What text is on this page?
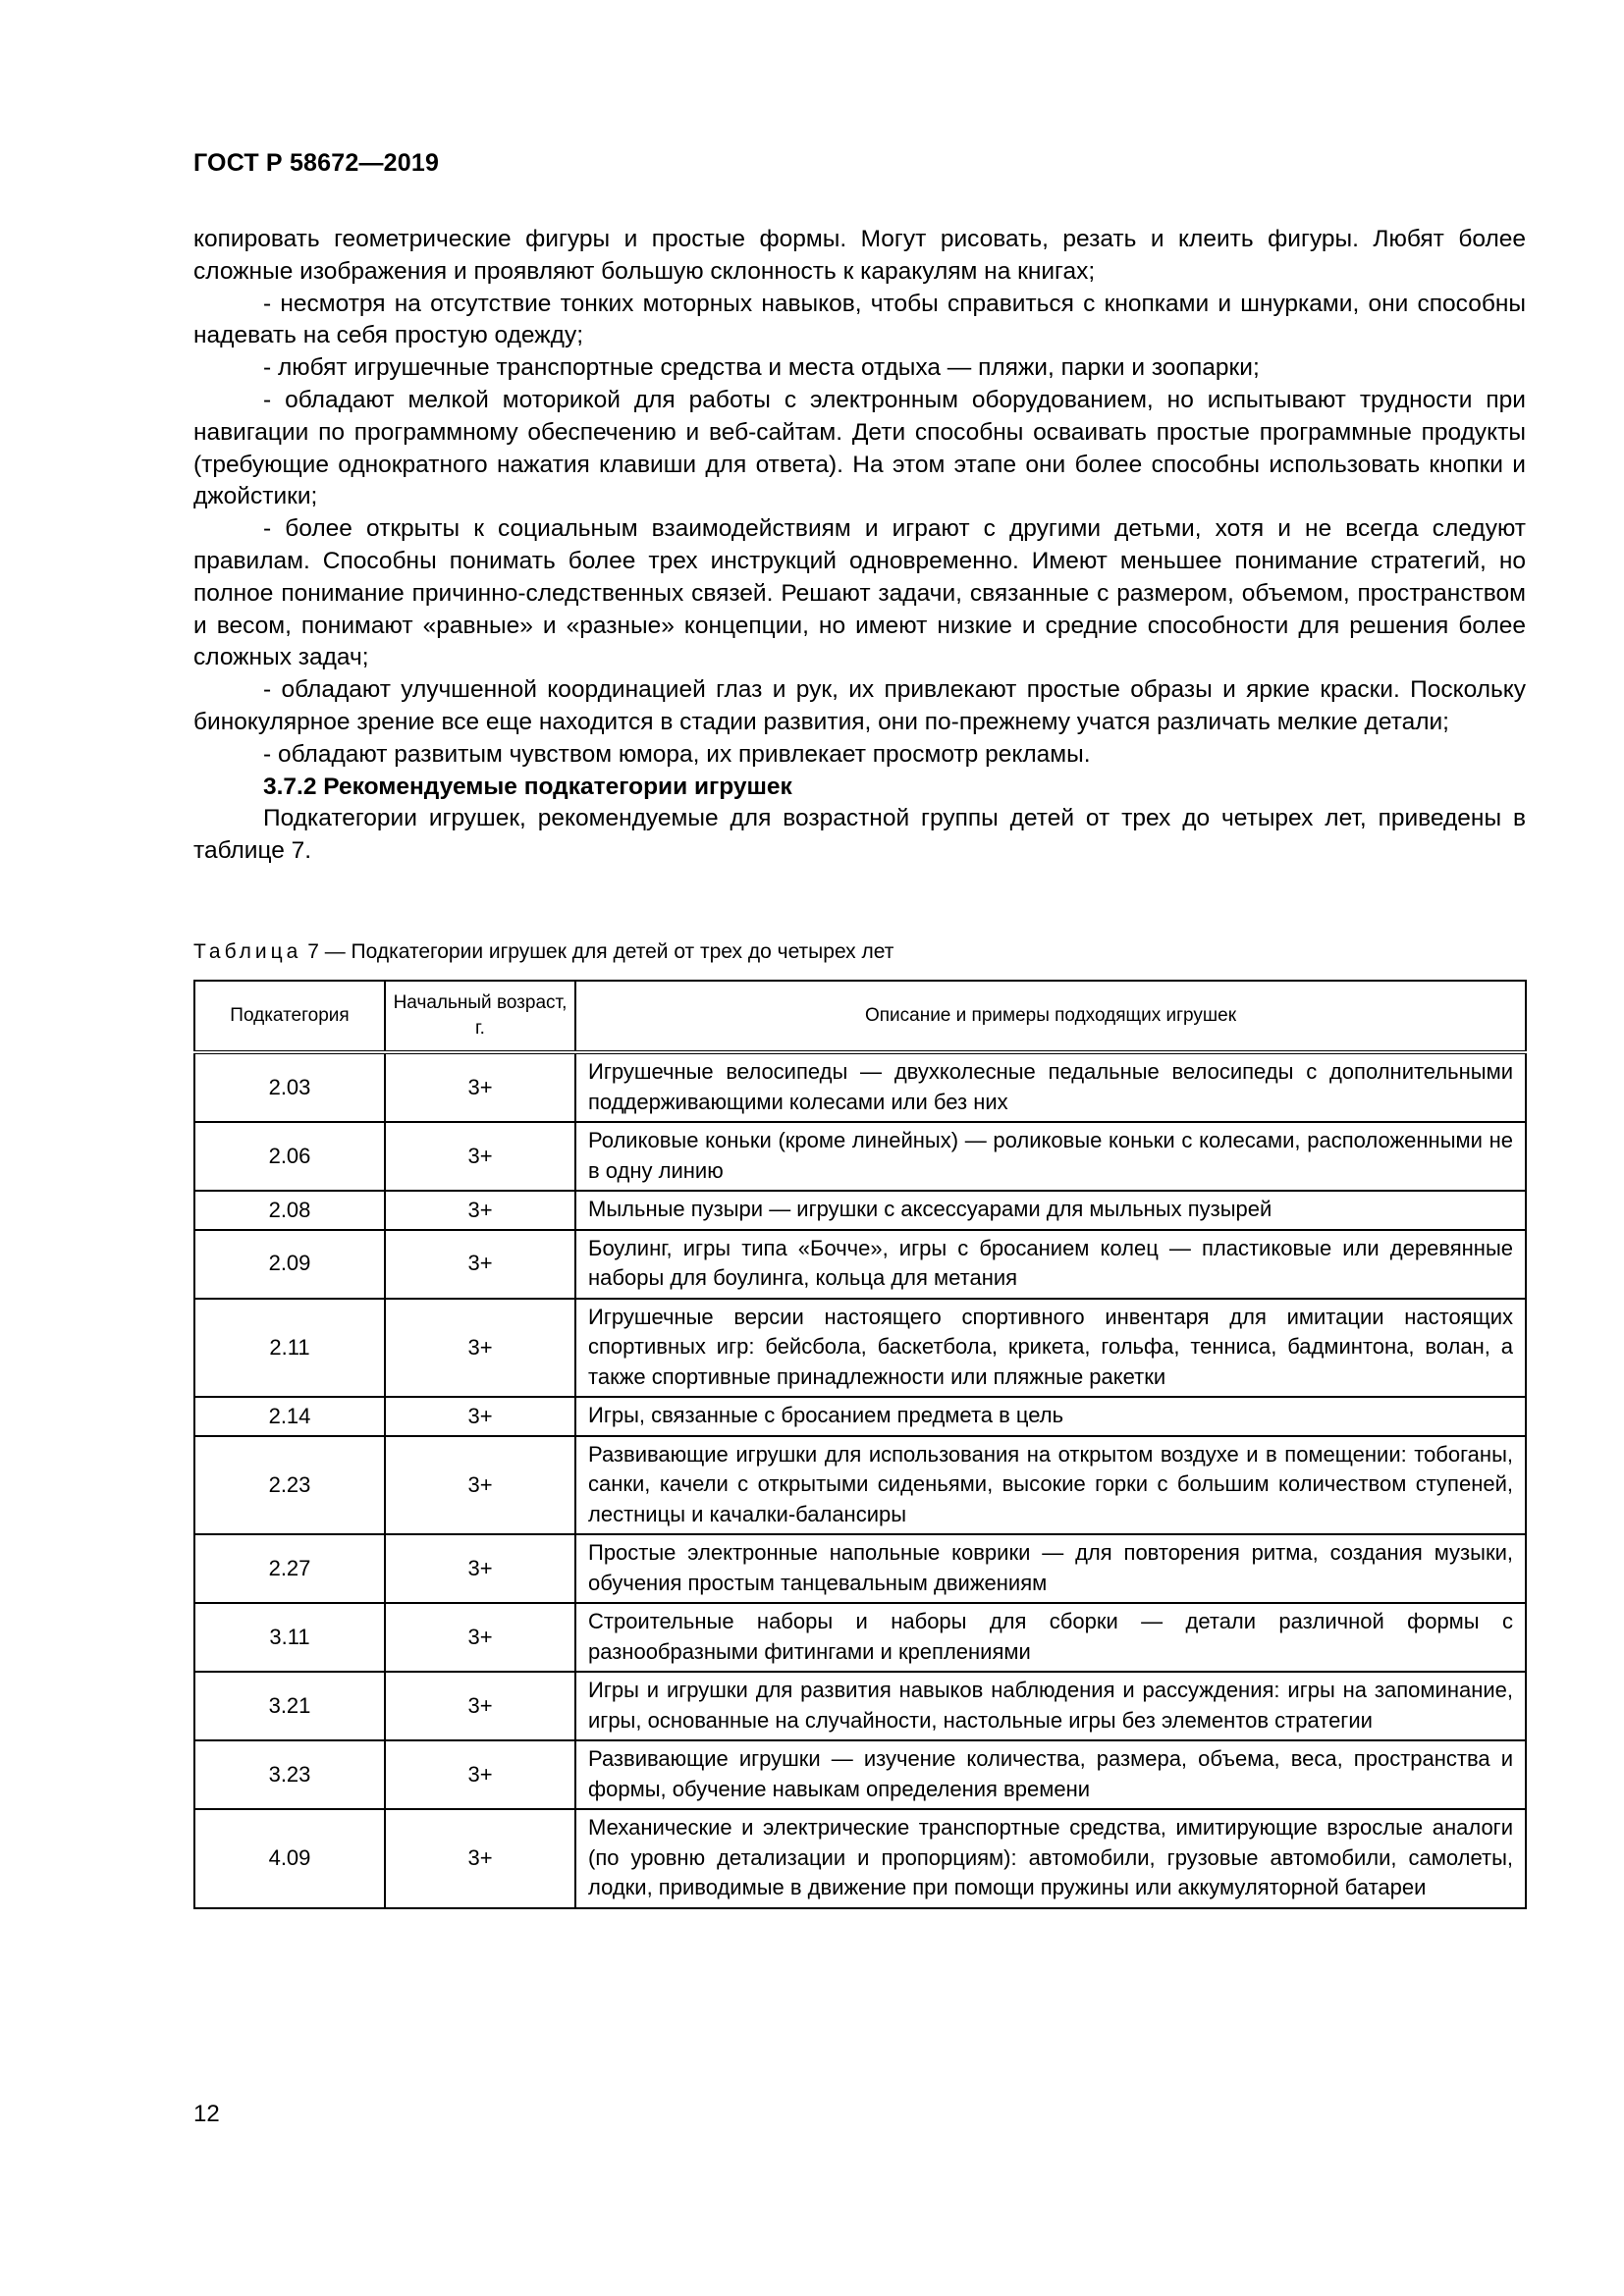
ГОСТ Р 58672—2019

копировать геометрические фигуры и простые формы. Могут рисовать, резать и клеить фигуры. Любят более сложные изображения и проявляют большую склонность к каракулям на книгах;

- несмотря на отсутствие тонких моторных навыков, чтобы справиться с кнопками и шнурками, они способны надевать на себя простую одежду;

- любят игрушечные транспортные средства и места отдыха — пляжи, парки и зоопарки;

- обладают мелкой моторикой для работы с электронным оборудованием, но испытывают трудности при навигации по программному обеспечению и веб-сайтам. Дети способны осваивать простые программные продукты (требующие однократного нажатия клавиши для ответа). На этом этапе они более способны использовать кнопки и джойстики;

- более открыты к социальным взаимодействиям и играют с другими детьми, хотя и не всегда следуют правилам. Способны понимать более трех инструкций одновременно. Имеют меньшее понимание стратегий, но полное понимание причинно-следственных связей. Решают задачи, связанные с размером, объемом, пространством и весом, понимают «равные» и «разные» концепции, но имеют низкие и средние способности для решения более сложных задач;

- обладают улучшенной координацией глаз и рук, их привлекают простые образы и яркие краски. Поскольку бинокулярное зрение все еще находится в стадии развития, они по-прежнему учатся различать мелкие детали;

- обладают развитым чувством юмора, их привлекает просмотр рекламы.

3.7.2 Рекомендуемые подкатегории игрушек

Подкатегории игрушек, рекомендуемые для возрастной группы детей от трех до четырех лет, приведены в таблице 7.

Таблица 7 — Подкатегории игрушек для детей от трех до четырех лет
Подкатегория	Начальный возраст, г.	Описание и примеры подходящих игрушек
2.03	3+	Игрушечные велосипеды — двухколесные педальные велосипеды с дополнительными поддерживающими колесами или без них
2.06	3+	Роликовые коньки (кроме линейных) — роликовые коньки с колесами, расположенными не в одну линию
2.08	3+	Мыльные пузыри — игрушки с аксессуарами для мыльных пузырей
2.09	3+	Боулинг, игры типа «Бочче», игры с бросанием колец — пластиковые или деревянные наборы для боулинга, кольца для метания
2.11	3+	Игрушечные версии настоящего спортивного инвентаря для имитации настоящих спортивных игр: бейсбола, баскетбола, крикета, гольфа, тенниса, бадминтона, волан, а также спортивные принадлежности или пляжные ракетки
2.14	3+	Игры, связанные с бросанием предмета в цель
2.23	3+	Развивающие игрушки для использования на открытом воздухе и в помещении: тобоганы, санки, качели с открытыми сиденьями, высокие горки с большим количеством ступеней, лестницы и качалки-балансиры
2.27	3+	Простые электронные напольные коврики — для повторения ритма, создания музыки, обучения простым танцевальным движениям
3.11	3+	Строительные наборы и наборы для сборки — детали различной формы с разнообразными фитингами и креплениями
3.21	3+	Игры и игрушки для развития навыков наблюдения и рассуждения: игры на запоминание, игры, основанные на случайности, настольные игры без элементов стратегии
3.23	3+	Развивающие игрушки — изучение количества, размера, объема, веса, пространства и формы, обучение навыкам определения времени
4.09	3+	Механические и электрические транспортные средства, имитирующие взрослые аналоги (по уровню детализации и пропорциям): автомобили, грузовые автомобили, самолеты, лодки, приводимые в движение при помощи пружины или аккумуляторной батареи
12
